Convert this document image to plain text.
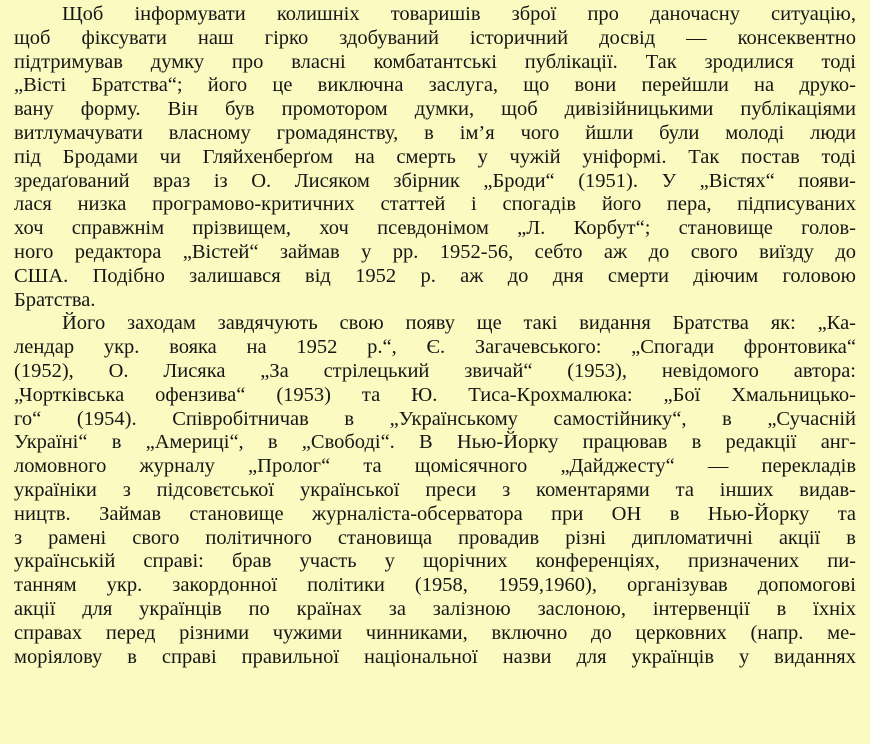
Щоб інформувати колишніх товаришів зброї про даночасну ситуацію,
щоб фіксувати наш гірко здобуваний історичний досвід — консеквентно
підтримував думку про власні комбатантські публікації. Так зродилися тоді
„Вісті Братства“; його це виключна заслуга, що вони перейшли на друко-
вану форму. Він був промотором думки, щоб дивізійницькими публікаціями
витлумачувати власному громадянству, в ім’я чого йшли були молоді люди
під Бродами чи Гляйхенберґом на смерть у чужій уніформі. Так постав тоді
зредаґований враз із О. Лисяком збірник „Броди“ (1951). У „Вістях“ появи-
лася низка програмово-критичних статтей і спогадів його пера, підписуваних
хоч справжнім прізвищем, хоч псевдонімом „Л. Корбут“; становище голов-
ного редактора „Вістей“ займав у рр. 1952-56, себто аж до свого виїзду до
США. Подібно залишався від 1952 р. аж до дня смерти діючим головою
Братства.
Його заходам завдячують свою появу ще такі видання Братства як: „Ка-
лендар укр. вояка на 1952 р.“, Є. Загачевського: „Спогади фронтовика“
(1952), О. Лисяка „За стрілецький звичай“ (1953), невідомого автора:
„Чортківська офензива“ (1953) та Ю. Тиса-Крохмалюка: „Бої Хмальницько-
го“ (1954). Співробітничав в „Українському самостійнику“, в „Сучасній
Україні“ в „Америці“, в „Свободі“. В Нью-Йорку працював в редакції анг-
ломовного журналу „Пролог“ та щомісячного „Дайджесту“ — перекладів
україніки з підсовєтської української преси з коментарями та інших видав-
ництв. Займав становище журналіста-обсерватора при ОН в Нью-Йорку та
з рамені свого політичного становища провадив різні дипломатичні акції в
українській справі: брав участь у щорічних конференціях, призначених пи-
танням укр. закордонної політики (1958, 1959,1960), організував допомогові
акції для українців по країнах за залізною заслоною, інтервенції в їхніх
справах перед різними чужими чинниками, включно до церковних (напр. ме-
моріялову в справі правильної національної назви для українців у виданнях
